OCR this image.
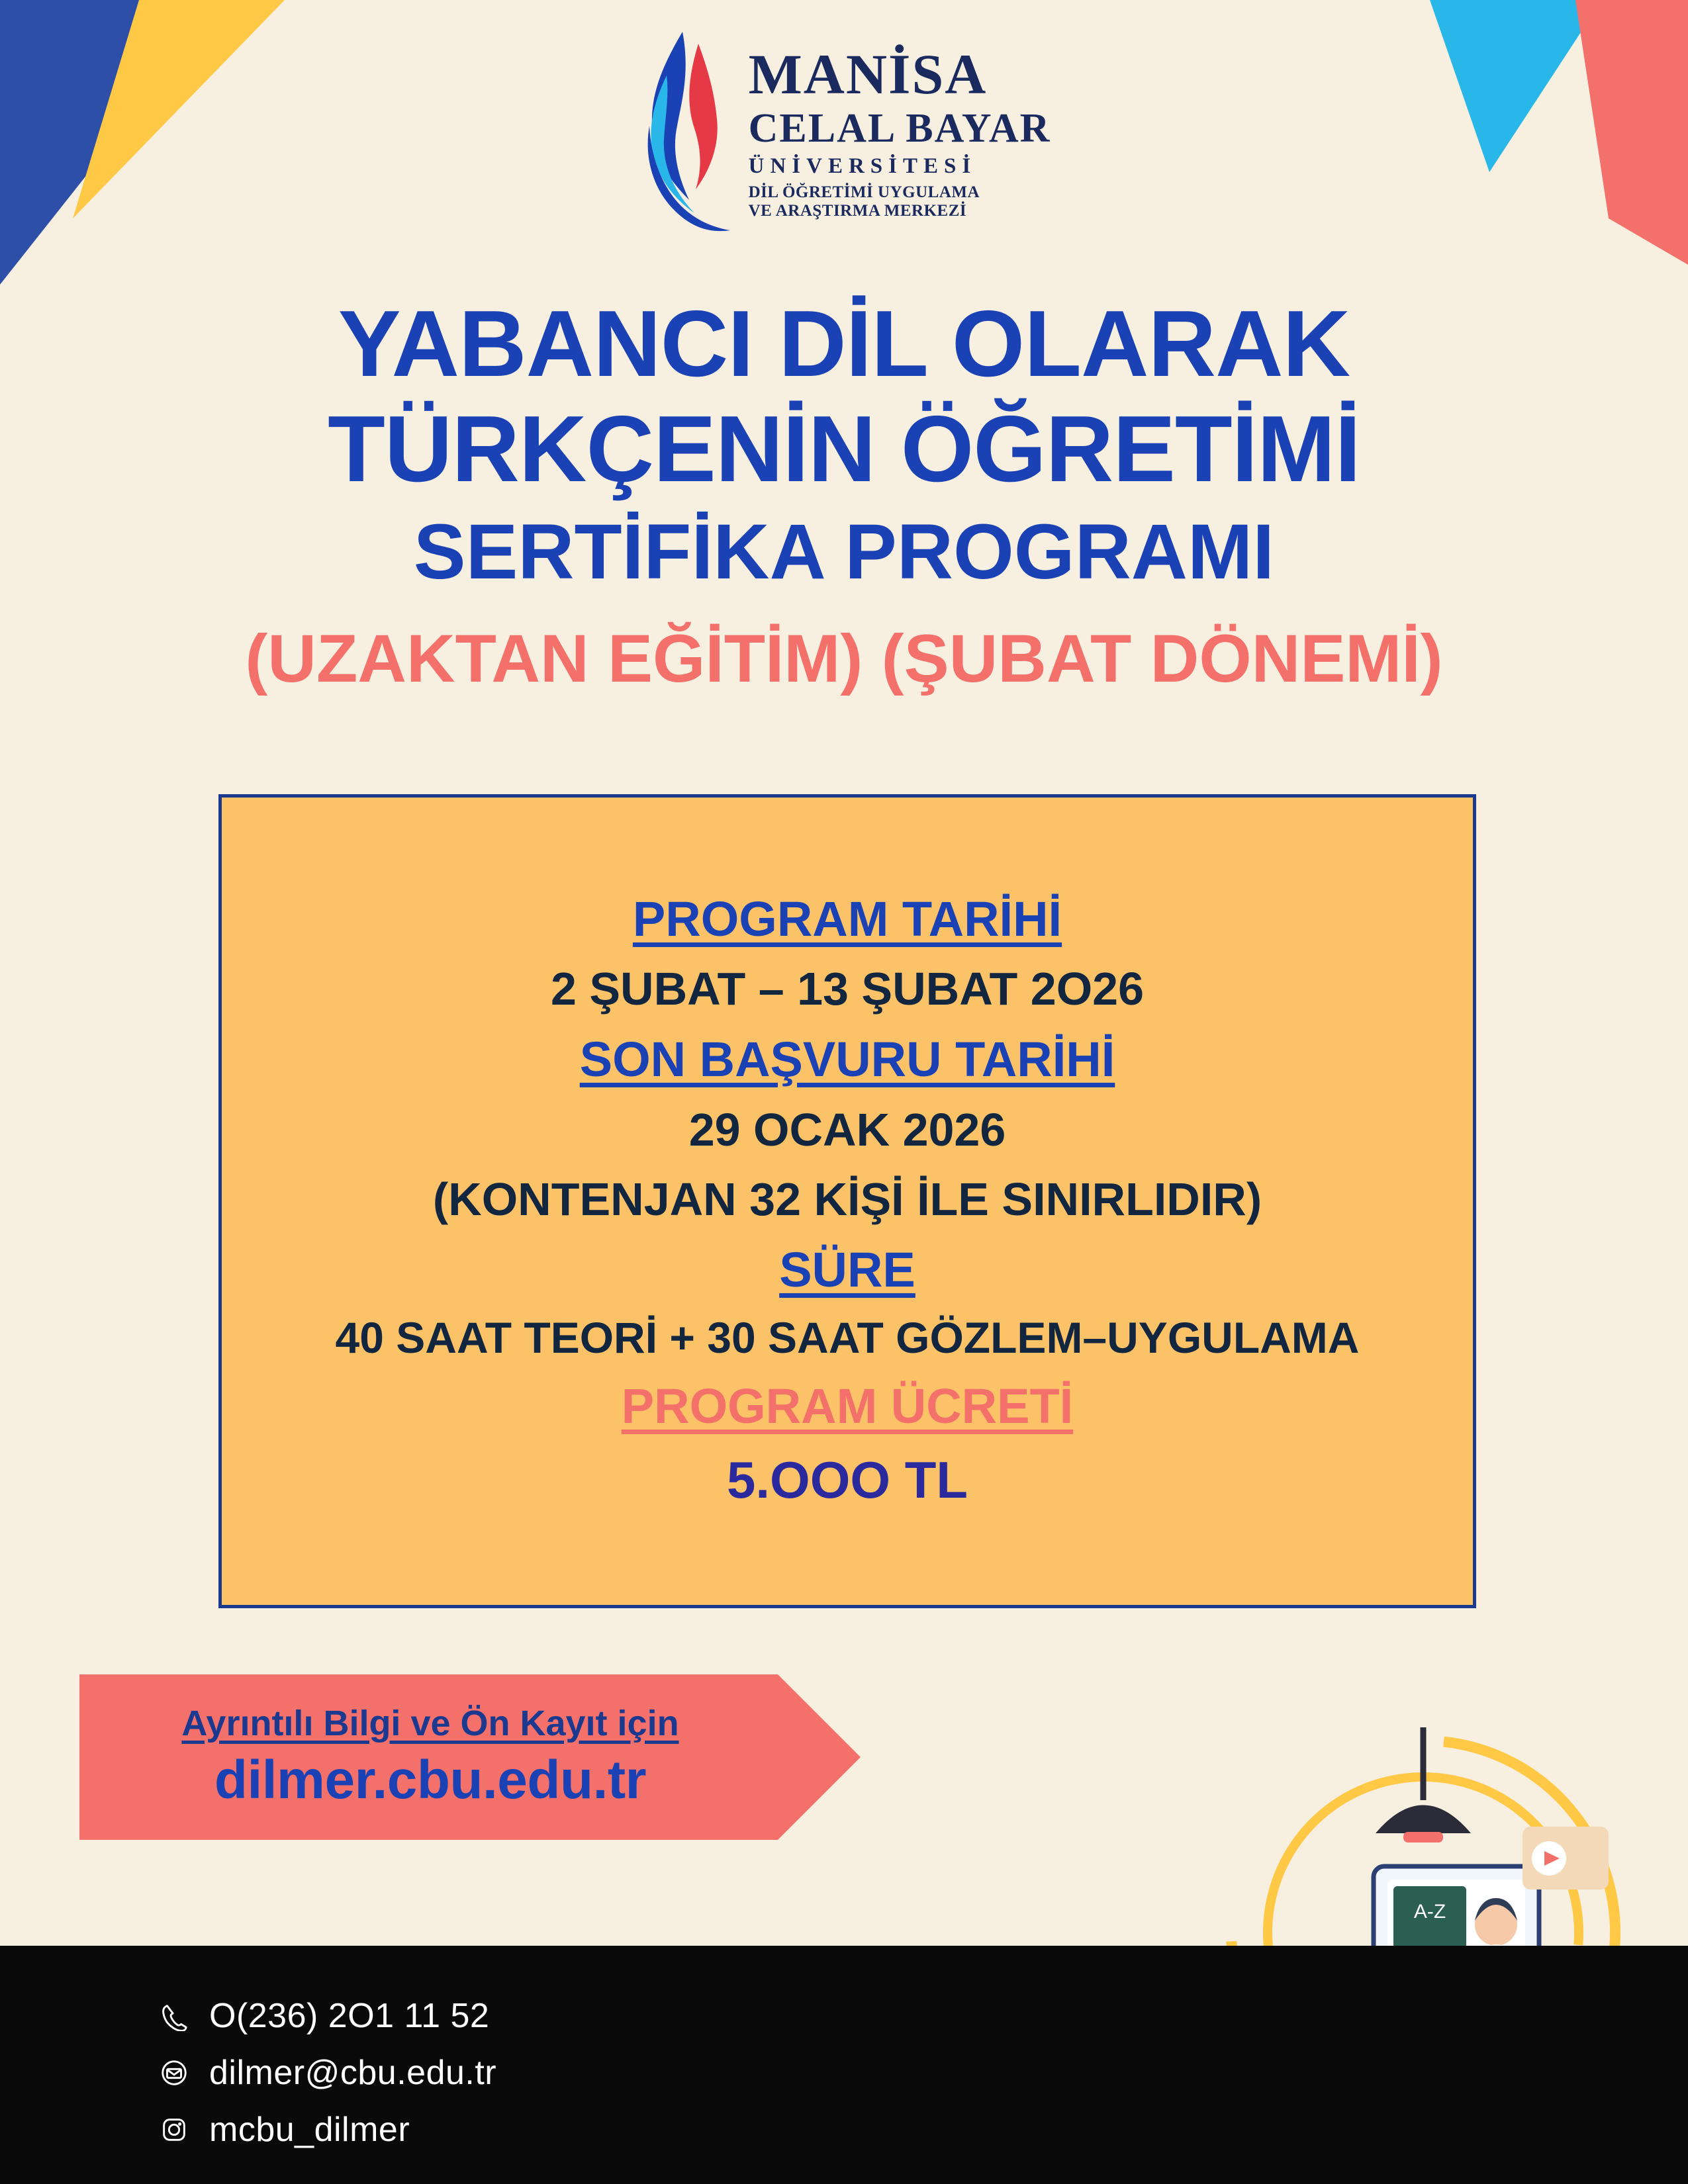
MANİSA
CELAL BAYAR
ÜNİVERSİTESİ
DİL ÖĞRETİMİ UYGULAMA
VE ARAŞTIRMA MERKEZİ
YABANCI DİL OLARAK
TÜRKÇENİN ÖĞRETİMİ
SERTİFİKA PROGRAMI
(UZAKTAN EĞİTİM) (ŞUBAT DÖNEMİ)
PROGRAM TARİHİ
2 ŞUBAT – 13 ŞUBAT 2O26
SON BAŞVURU TARİHİ
29 OCAK 2026
(KONTENJAN 32 KİŞİ İLE SINIRLIDIR)
SÜRE
40 SAAT TEORİ + 30 SAAT GÖZLEM–UYGULAMA
PROGRAM ÜCRETİ
5.OOO TL
Ayrıntılı Bilgi ve Ön Kayıt için
dilmer.cbu.edu.tr
A-Z
O(236) 2O1 11 52
dilmer@cbu.edu.tr
mcbu_dilmer
